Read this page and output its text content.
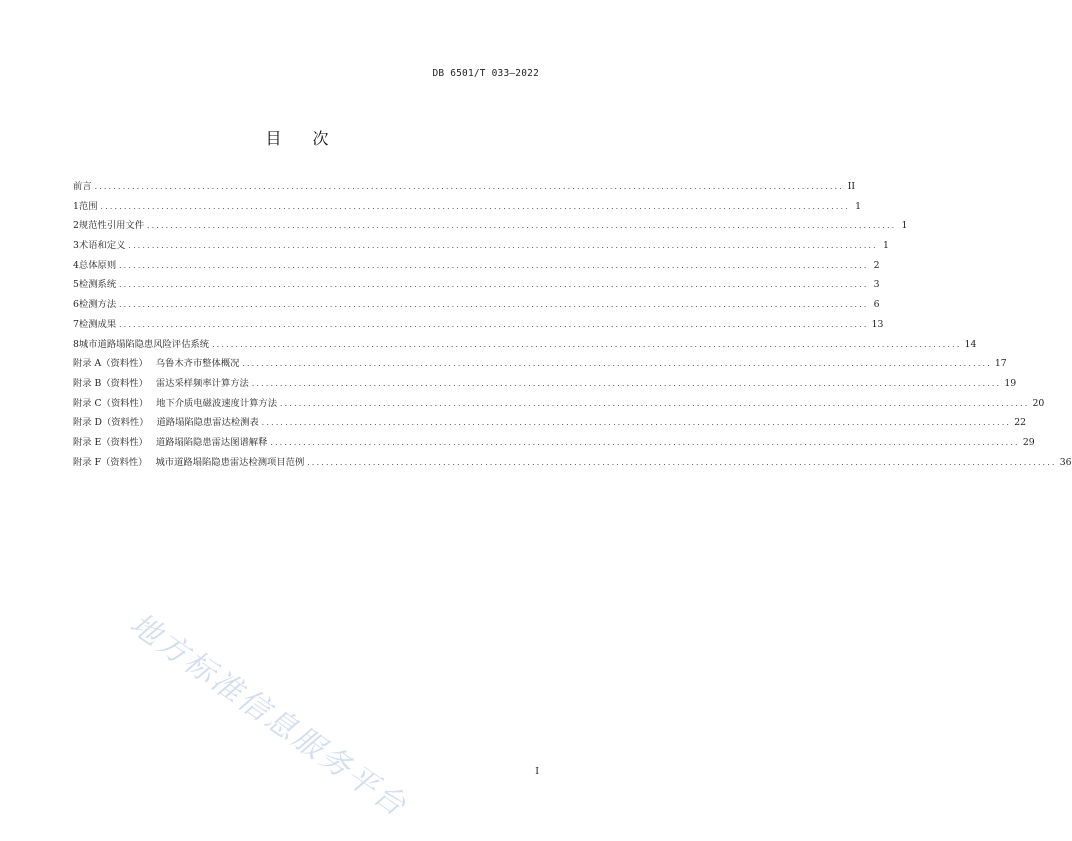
DB 6501/T 033—2022
目 次
前言 ................................................................................................................................................................ II
1 范围 ................................................................................................................................................................ 1
2 规范性引用文件 ................................................................................................................................................................ 1
3 术语和定义 ................................................................................................................................................................ 1
4 总体原则 ................................................................................................................................................................ 2
5 检测系统 ................................................................................................................................................................ 3
6 检测方法 ................................................................................................................................................................ 6
7 检测成果 ................................................................................................................................................................ 13
8 城市道路塌陷隐患风险评估系统 ................................................................................................................................................................ 14
附录 A（资料性） 乌鲁木齐市整体概况 ................................................................................................................................................................ 17
附录 B（资料性） 雷达采样频率计算方法 ................................................................................................................................................................ 19
附录 C（资料性） 地下介质电磁波速度计算方法 ................................................................................................................................................................ 20
附录 D（资料性） 道路塌陷隐患雷达检测表 ................................................................................................................................................................ 22
附录 E（资料性） 道路塌陷隐患雷达图谱解释 ................................................................................................................................................................ 29
附录 F（资料性） 城市道路塌陷隐患雷达检测项目范例 ................................................................................................................................................................ 36
地方标准信息服务平台	I
